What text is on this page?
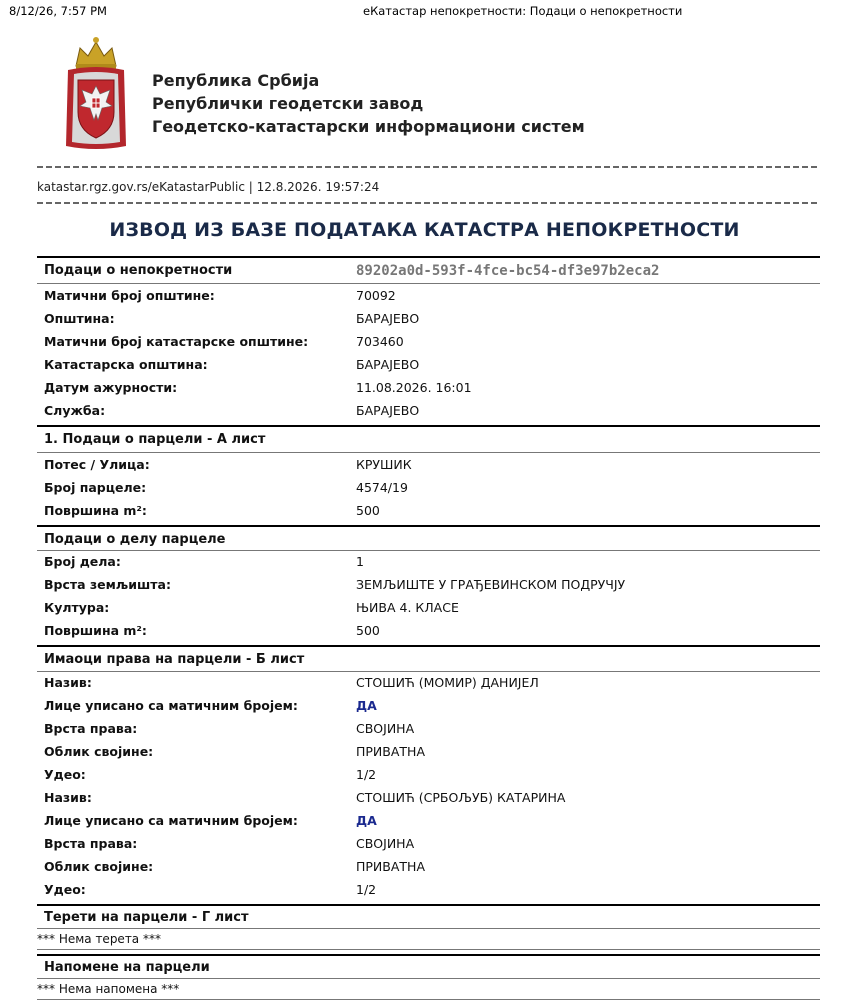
8/12/26, 7:57 PM	еКатастар непокретности: Подаци о непокретности
Република Србија
Републички геодетски завод
Геодетско-катастарски информациони систем
katastar.rgz.gov.rs/eKatastarPublic | 12.8.2026. 19:57:24
ИЗВОД ИЗ БАЗЕ ПОДАТАКА КАТАСТРА НЕПОКРЕТНОСТИ
Подаци о непокретности	89202a0d-593f-4fce-bc54-df3e97b2eca2
Матични број општине:	70092
Општина:	БАРАЈЕВО
Матични број катастарске општине:	703460
Катастарска општина:	БАРАЈЕВО
Датум ажурности:	11.08.2026. 16:01
Служба:	БАРАЈЕВО
1. Подаци о парцели - А лист
Потес / Улица:	КРУШИК
Број парцеле:	4574/19
Површина m²:	500
Подаци о делу парцеле
Број дела:	1
Врста земљишта:	ЗЕМЉИШТЕ У ГРАЂЕВИНСКОМ ПОДРУЧЈУ
Култура:	ЊИВА 4. КЛАСЕ
Површина m²:	500
Имаоци права на парцели - Б лист
Назив:	СТОШИЋ (МОМИР) ДАНИЈЕЛ
Лице уписано са матичним бројем:	ДА
Врста права:	СВОЈИНА
Облик својине:	ПРИВАТНА
Удео:	1/2
Назив:	СТОШИЋ (СРБОЉУБ) КАТАРИНА
Лице уписано са матичним бројем:	ДА
Врста права:	СВОЈИНА
Облик својине:	ПРИВАТНА
Удео:	1/2
Терети на парцели - Г лист
*** Нема терета ***
Напомене на парцели
*** Нема напомена ***
